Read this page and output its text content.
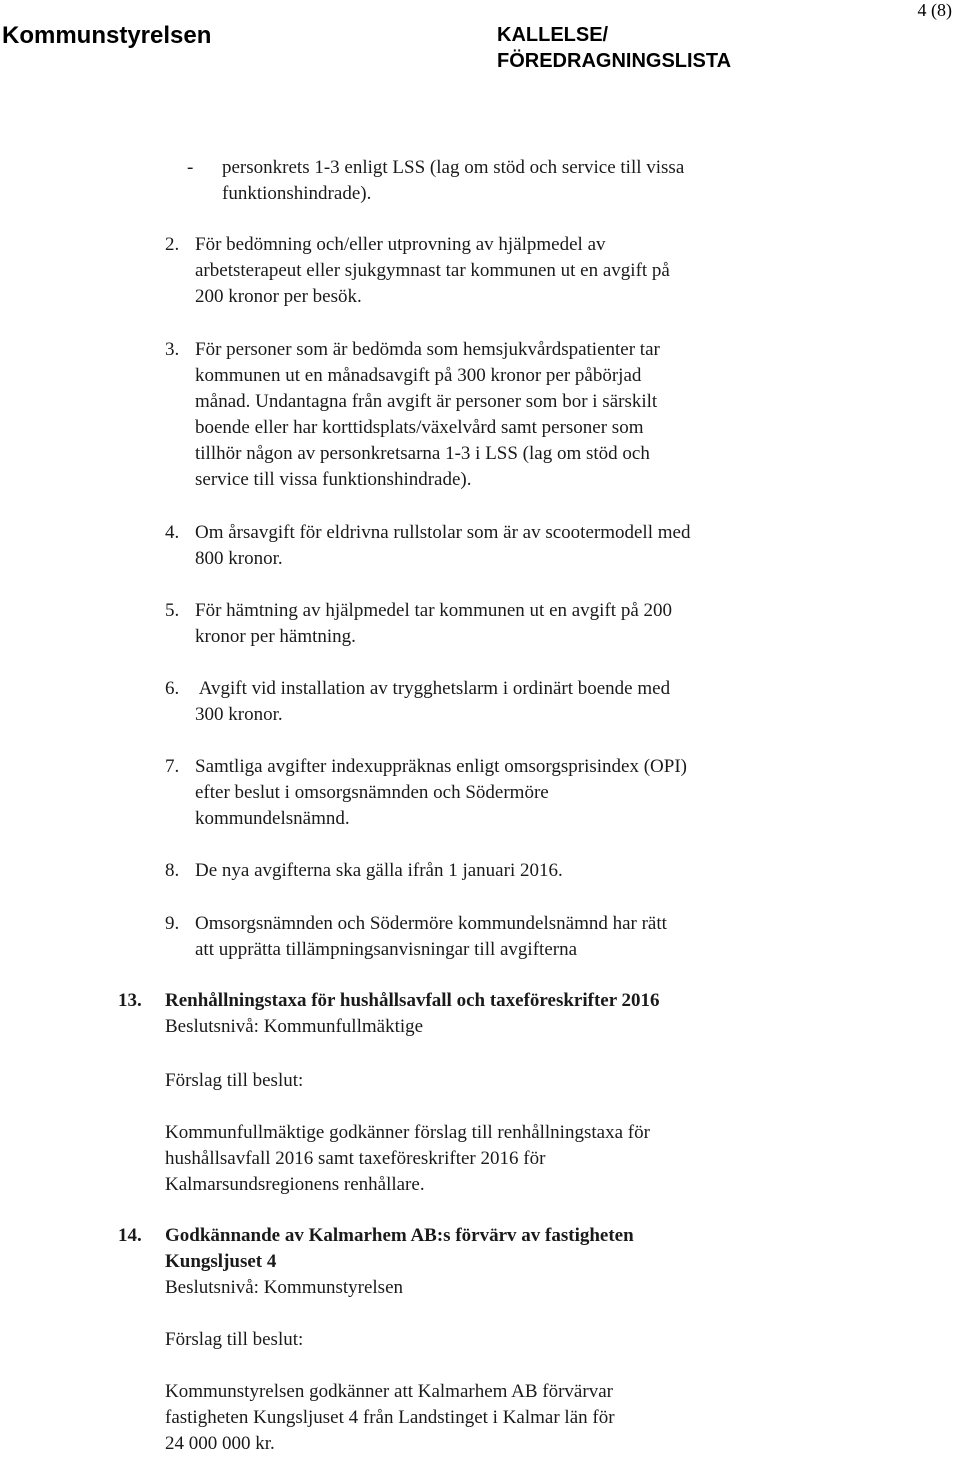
Kommunstyrelsen	KALLELSE/
FÖREDRAGNINGSLISTA
4 (8)
- personkrets 1-3 enligt LSS (lag om stöd och service till vissa
funktionshindrade).
2. För bedömning och/eller utprovning av hjälpmedel av
arbetsterapeut eller sjukgymnast tar kommunen ut en avgift på
200 kronor per besök.
3. För personer som är bedömda som hemsjukvårdspatienter tar
kommunen ut en månadsavgift på 300 kronor per påbörjad
månad. Undantagna från avgift är personer som bor i särskilt
boende eller har korttidsplats/växelvård samt personer som
tillhör någon av personkretsarna 1-3 i LSS (lag om stöd och
service till vissa funktionshindrade).
4. Om årsavgift för eldrivna rullstolar som är av scootermodell med
800 kronor.
5. För hämtning av hjälpmedel tar kommunen ut en avgift på 200
kronor per hämtning.
6. Avgift vid installation av trygghetslarm i ordinärt boende med
300 kronor.
7. Samtliga avgifter indexuppräknas enligt omsorgsprisindex (OPI)
efter beslut i omsorgsnämnden och Södermöre
kommundelsnämnd.
8. De nya avgifterna ska gälla ifrån 1 januari 2016.
9. Omsorgsnämnden och Södermöre kommundelsnämnd har rätt
att upprätta tillämpningsanvisningar till avgifterna
13. Renhållningstaxa för hushållsavfall och taxeföreskrifter 2016
Beslutsnivå: Kommunfullmäktige
Förslag till beslut:
Kommunfullmäktige godkänner förslag till renhållningstaxa för
hushållsavfall 2016 samt taxeföreskrifter 2016 för
Kalmarsundsregionens renhållare.
14. Godkännande av Kalmarhem AB:s förvärv av fastigheten
Kungsljuset 4
Beslutsnivå: Kommunstyrelsen
Förslag till beslut:
Kommunstyrelsen godkänner att Kalmarhem AB förvärvar
fastigheten Kungsljuset 4 från Landstinget i Kalmar län för
24 000 000 kr.
